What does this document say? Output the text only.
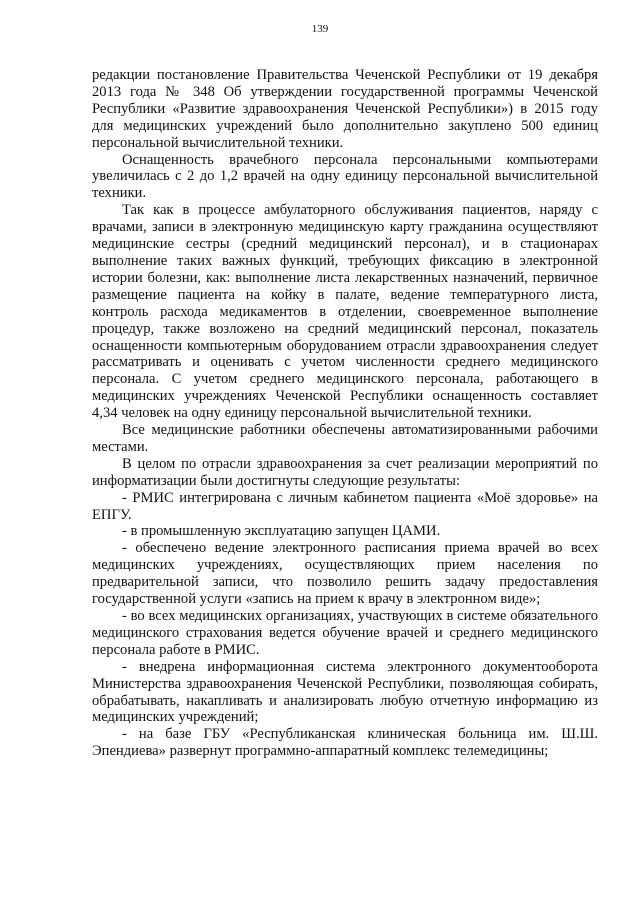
139

редакции постановление Правительства Чеченской Республики от 19 декабря 2013 года № 348 Об утверждении государственной программы Чеченской Республики «Развитие здравоохранения Чеченской Республики») в 2015 году для медицинских учреждений было дополнительно закуплено 500 единиц персональной вычислительной техники.

Оснащенность врачебного персонала персональными компьютерами увеличилась с 2 до 1,2 врачей на одну единицу персональной вычислительной техники.

Так как в процессе амбулаторного обслуживания пациентов, наряду с врачами, записи в электронную медицинскую карту гражданина осуществляют медицинские сестры (средний медицинский персонал), и в стационарах выполнение таких важных функций, требующих фиксацию в электронной истории болезни, как: выполнение листа лекарственных назначений, первичное размещение пациента на койку в палате, ведение температурного листа, контроль расхода медикаментов в отделении, своевременное выполнение процедур, также возложено на средний медицинский персонал, показатель оснащенности компьютерным оборудованием отрасли здравоохранения следует рассматривать и оценивать с учетом численности среднего медицинского персонала. С учетом среднего медицинского персонала, работающего в медицинских учреждениях Чеченской Республики оснащенность составляет 4,34 человек на одну единицу персональной вычислительной техники.

Все медицинские работники обеспечены автоматизированными рабочими местами.

В целом по отрасли здравоохранения за счет реализации мероприятий по информатизации были достигнуты следующие результаты:

- РМИС интегрирована с личным кабинетом пациента «Моё здоровье» на ЕПГУ.

- в промышленную эксплуатацию запущен ЦАМИ.

- обеспечено ведение электронного расписания приема врачей во всех медицинских учреждениях, осуществляющих прием населения по предварительной записи, что позволило решить задачу предоставления государственной услуги «запись на прием к врачу в электронном виде»;

- во всех медицинских организациях, участвующих в системе обязательного медицинского страхования ведется обучение врачей и среднего медицинского персонала работе в РМИС.

- внедрена информационная система электронного документооборота Министерства здравоохранения Чеченской Республики, позволяющая собирать, обрабатывать, накапливать и анализировать любую отчетную информацию из медицинских учреждений;

- на базе ГБУ «Республиканская клиническая больница им. Ш.Ш. Эпендиева» развернут программно-аппаратный комплекс телемедицины;
